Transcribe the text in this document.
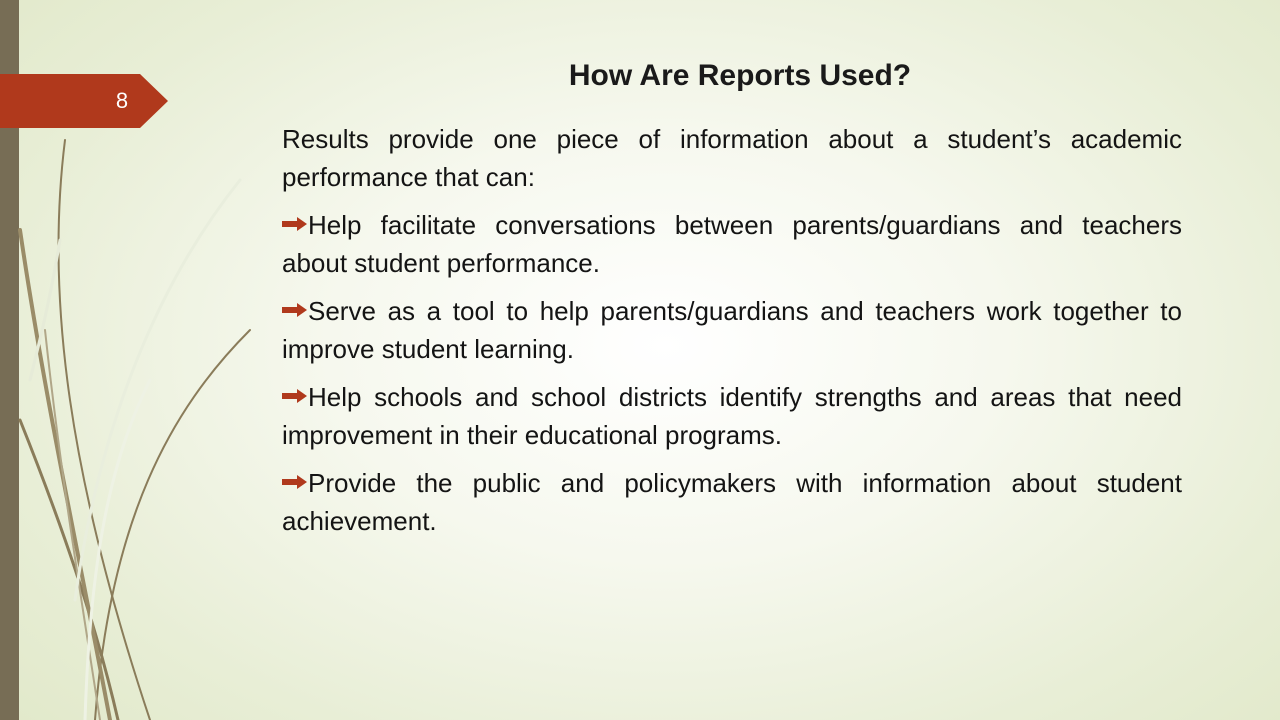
8
How Are Reports Used?

Results provide one piece of information about a student’s academic performance that can:

Help facilitate conversations between parents/guardians and teachers about student performance.
Serve as a tool to help parents/guardians and teachers work together to improve student learning.
Help schools and school districts identify strengths and areas that need improvement in their educational programs.
Provide the public and policymakers with information about student achievement.
